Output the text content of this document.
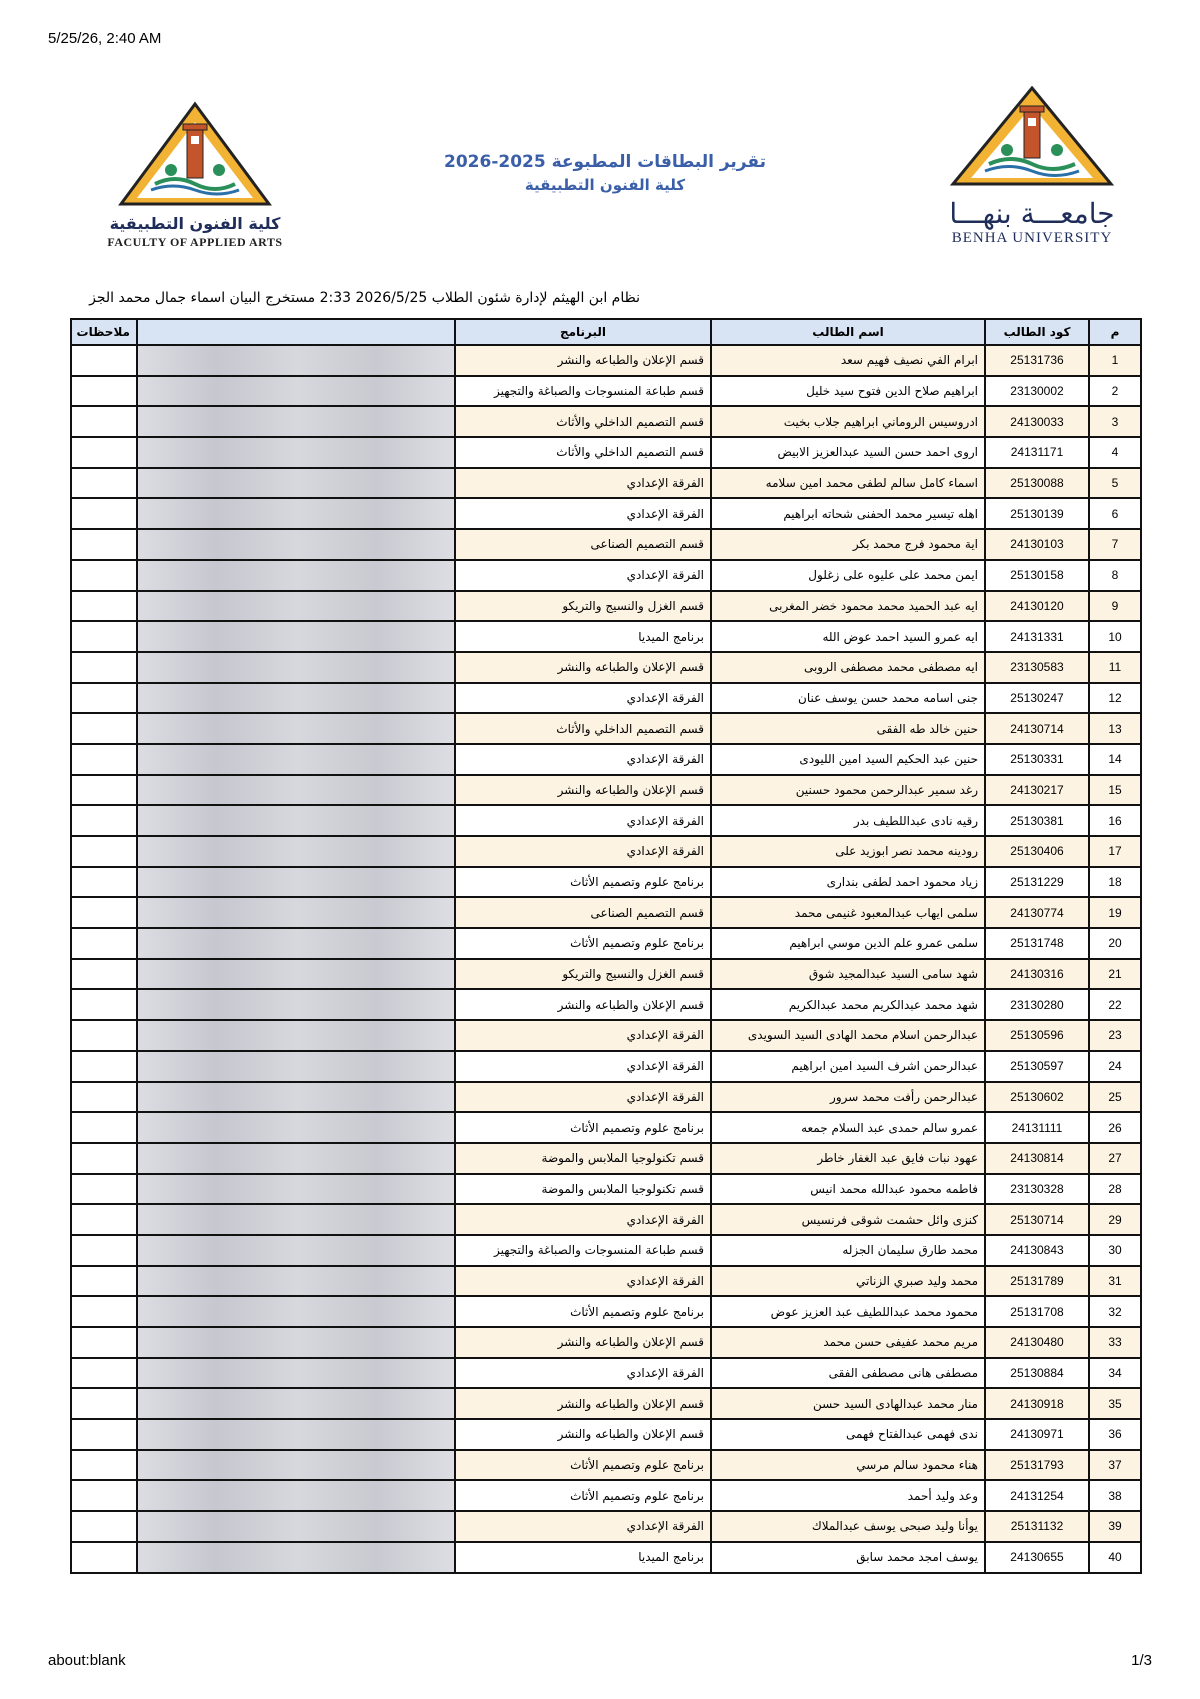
5/25/26, 2:40 AM
كلية الفنون التطبيقية
FACULTY OF APPLIED ARTS
تقرير البطاقات المطبوعة 2025-2026
كلية الفنون التطبيقية
جامعـــة بنهـــا
BENHA UNIVERSITY
نظام ابن الهيثم لإدارة شئون الطلاب 2026/5/25 2:33 مستخرج البيان اسماء جمال محمد الجز
م	كود الطالب	اسم الطالب	البرنامج		ملاحظات
1	25131736	ابرام الفي نصيف فهيم سعد	قسم الإعلان والطباعه والنشر		
2	23130002	ابراهيم صلاح الدين فتوح سيد خليل	قسم طباعة المنسوجات والصباغة والتجهيز		
3	24130033	ادروسيس الروماني ابراهيم جلاب بخيت	قسم التصميم الداخلي والأثاث		
4	24131171	اروى احمد حسن السيد عبدالعزيز الابيض	قسم التصميم الداخلي والأثاث		
5	25130088	اسماء كامل سالم لطفى محمد امين سلامه	الفرقة الإعدادي		
6	25130139	اهله تيسير محمد الحفنى شحاته ابراهيم	الفرقة الإعدادي		
7	24130103	اية محمود فرج محمد بكر	قسم التصميم الصناعى		
8	25130158	ايمن محمد على عليوه على زغلول	الفرقة الإعدادي		
9	24130120	ايه عبد الحميد محمد محمود خضر المغربى	قسم الغزل والنسيج والتريكو		
10	24131331	ايه عمرو السيد احمد عوض الله	برنامج الميديا		
11	23130583	ايه مصطفى محمد مصطفى الروبى	قسم الإعلان والطباعه والنشر		
12	25130247	جنى اسامه محمد حسن يوسف عنان	الفرقة الإعدادي		
13	24130714	حنين خالد طه الفقى	قسم التصميم الداخلي والأثاث		
14	25130331	حنين عبد الحكيم السيد امين الليودى	الفرقة الإعدادي		
15	24130217	رغد سمير عبدالرحمن محمود حسنين	قسم الإعلان والطباعه والنشر		
16	25130381	رقيه نادى عبداللطيف بدر	الفرقة الإعدادي		
17	25130406	رودينه محمد نصر ابوزيد على	الفرقة الإعدادي		
18	25131229	زياد محمود احمد لطفى بندارى	برنامج علوم وتصميم الأثاث		
19	24130774	سلمى ايهاب عبدالمعبود غنيمى محمد	قسم التصميم الصناعى		
20	25131748	سلمى عمرو علم الدين موسي ابراهيم	برنامج علوم وتصميم الأثاث		
21	24130316	شهد سامى السيد عبدالمجيد شوق	قسم الغزل والنسيج والتريكو		
22	23130280	شهد محمد عبدالكريم محمد عبدالكريم	قسم الإعلان والطباعه والنشر		
23	25130596	عبدالرحمن اسلام محمد الهادى السيد السويدى	الفرقة الإعدادي		
24	25130597	عبدالرحمن اشرف السيد امين ابراهيم	الفرقة الإعدادي		
25	25130602	عبدالرحمن رأفت محمد سرور	الفرقة الإعدادي		
26	24131111	عمرو سالم حمدى عبد السلام جمعه	برنامج علوم وتصميم الأثاث		
27	24130814	عهود نبات فايق عبد الغفار خاطر	قسم تكنولوجيا الملابس والموضة		
28	23130328	فاطمه محمود عبدالله محمد انيس	قسم تكنولوجيا الملابس والموضة		
29	25130714	كنزى وائل حشمت شوقى فرنسيس	الفرقة الإعدادي		
30	24130843	محمد طارق سليمان الجزله	قسم طباعة المنسوجات والصباغة والتجهيز		
31	25131789	محمد وليد صبري الزناتي	الفرقة الإعدادي		
32	25131708	محمود محمد عبداللطيف عبد العزيز عوض	برنامج علوم وتصميم الأثاث		
33	24130480	مريم محمد عفيفى حسن محمد	قسم الإعلان والطباعه والنشر		
34	25130884	مصطفى هانى مصطفى الفقى	الفرقة الإعدادي		
35	24130918	منار محمد عبدالهادى السيد حسن	قسم الإعلان والطباعه والنشر		
36	24130971	ندى فهمى عبدالفتاح فهمى	قسم الإعلان والطباعه والنشر		
37	25131793	هناء محمود سالم مرسي	برنامج علوم وتصميم الأثاث		
38	24131254	وعد وليد أحمد	برنامج علوم وتصميم الأثاث		
39	25131132	يوأنا وليد صبحى يوسف عبدالملاك	الفرقة الإعدادي		
40	24130655	يوسف امجد محمد سابق	برنامج الميديا		
about:blank	1/3
